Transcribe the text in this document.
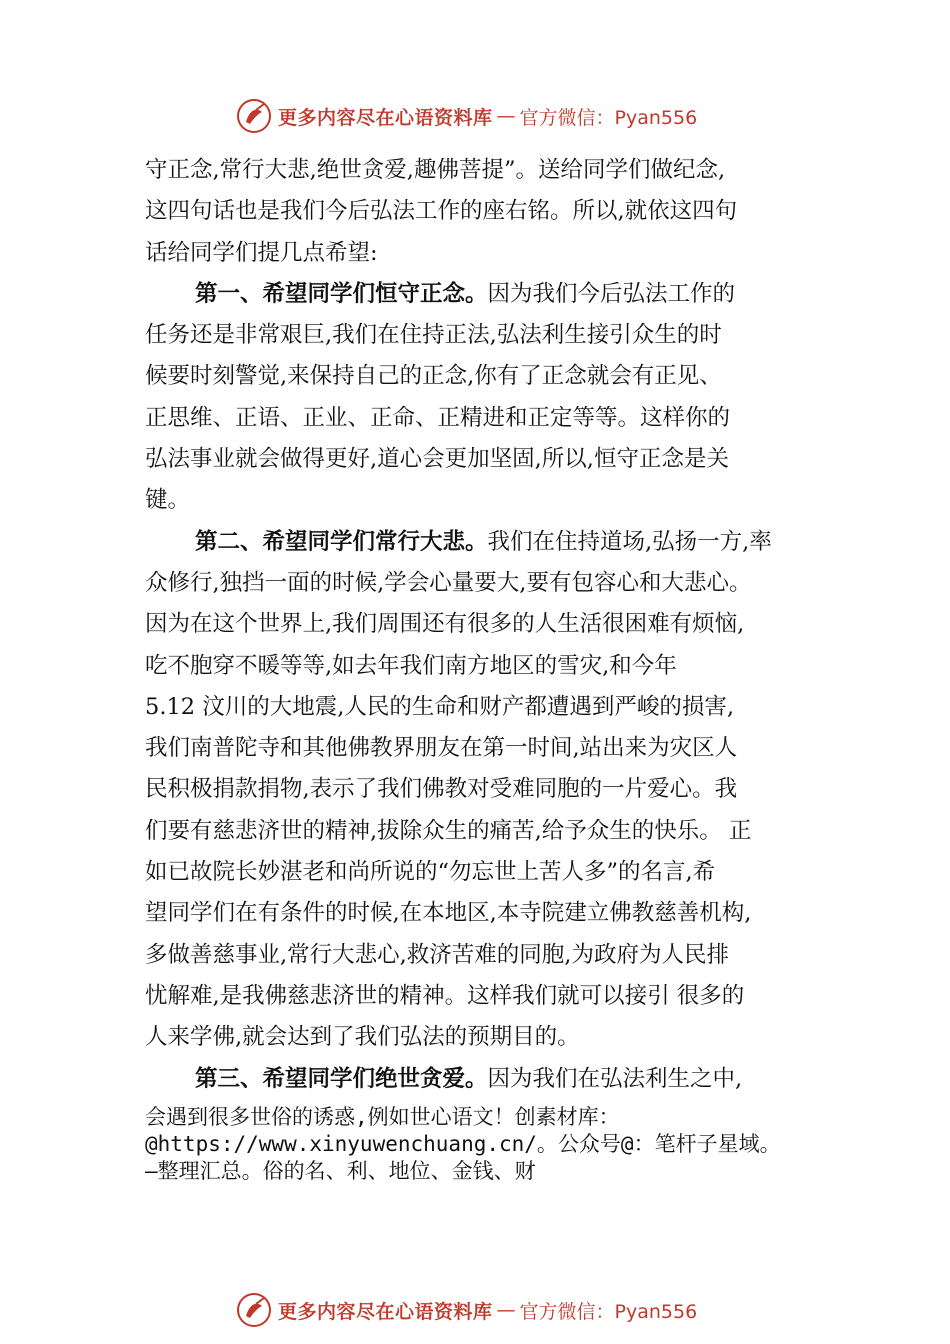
更多内容尽在心语资料库 — 官方微信：Pyan556
守正念,常行大悲,绝世贪爱,趣佛菩提”。送给同学们做纪念,
这四句话也是我们今后弘法工作的座右铭。所以,就依这四句
话给同学们提几点希望:
第一、希望同学们恒守正念。因为我们今后弘法工作的
任务还是非常艰巨,我们在住持正法,弘法利生接引众生的时
候要时刻警觉,来保持自己的正念,你有了正念就会有正见、
正思维、正语、正业、正命、正精进和正定等等。这样你的
弘法事业就会做得更好,道心会更加坚固,所以,恒守正念是关
键。
第二、希望同学们常行大悲。我们在住持道场,弘扬一方,率
众修行,独挡一面的时候,学会心量要大,要有包容心和大悲心。
因为在这个世界上,我们周围还有很多的人生活很困难有烦恼,
吃不胞穿不暖等等,如去年我们南方地区的雪灾,和今年
5.12 汶川的大地震,人民的生命和财产都遭遇到严峻的损害,
我们南普陀寺和其他佛教界朋友在第一时间,站出来为灾区人
民积极捐款捐物,表示了我们佛教对受难同胞的一片爱心。我
们要有慈悲济世的精神,拔除众生的痛苦,给予众生的快乐。 正
如已故院长妙湛老和尚所说的“勿忘世上苦人多”的名言,希
望同学们在有条件的时候,在本地区,本寺院建立佛教慈善机构,
多做善慈事业,常行大悲心,救济苦难的同胞,为政府为人民排
忧解难,是我佛慈悲济世的精神。这样我们就可以接引 很多的
人来学佛,就会达到了我们弘法的预期目的。
第三、希望同学们绝世贪爱。因为我们在弘法利生之中,
会遇到很多世俗的诱惑,例如世心语文！创素材库：
@https://www.xinyuwenchuang.cn/。公众号@：笔杆子星域。
—整理汇总。俗的名、利、地位、金钱、财
更多内容尽在心语资料库 — 官方微信：Pyan556
